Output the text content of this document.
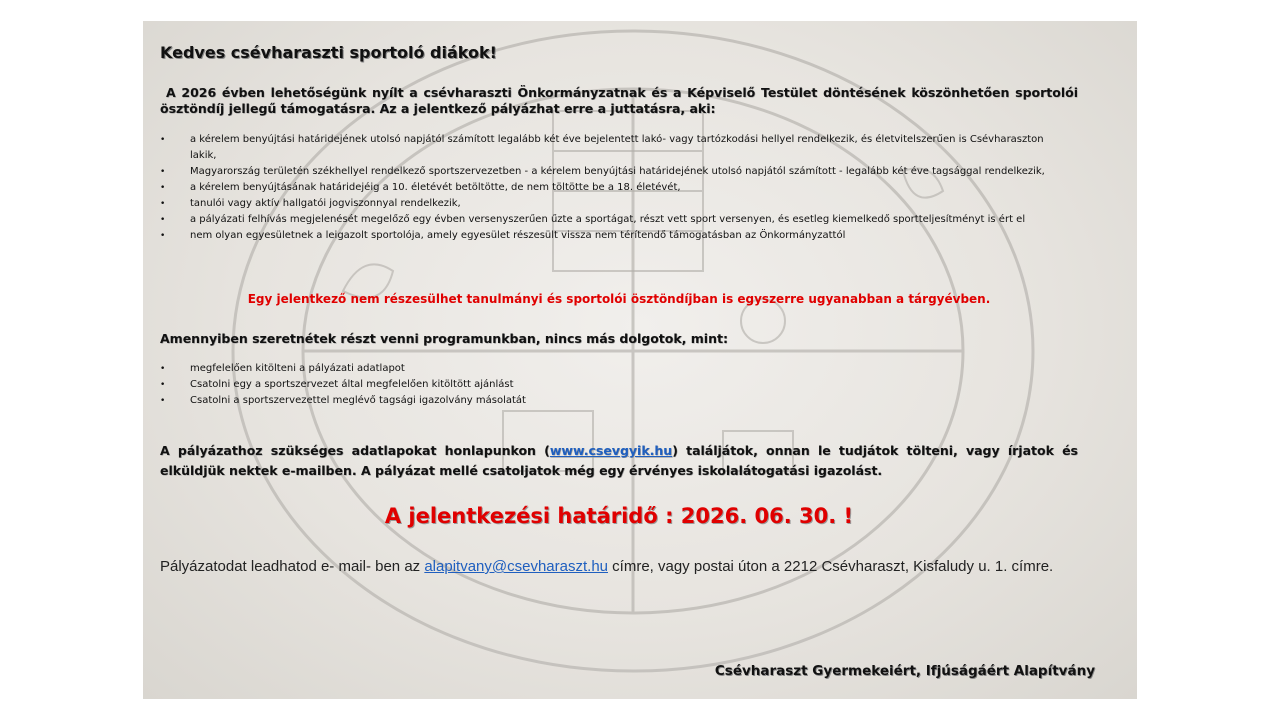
Kedves csévharaszti sportoló diákok!
A 2026 évben lehetőségünk nyílt a csévharaszti Önkormányzatnak és a Képviselő Testület döntésének köszönhetően sportolói ösztöndíj jellegű támogatásra. Az a jelentkező pályázhat erre a juttatásra, aki:
• a kérelem benyújtási határidejének utolsó napjától számított legalább két éve bejelentett lakó- vagy tartózkodási hellyel rendelkezik, és életvitelszerűen is Csévharaszton lakik,
• Magyarország területén székhellyel rendelkező sportszervezetben - a kérelem benyújtási határidejének utolsó napjától számított - legalább két éve tagsággal rendelkezik,
• a kérelem benyújtásának határidejéig a 10. életévét betöltötte, de nem töltötte be a 18. életévét,
• tanulói vagy aktív hallgatói jogviszonnyal rendelkezik,
• a pályázati felhívás megjelenését megelőző egy évben versenyszerűen űzte a sportágat, részt vett sport versenyen, és esetleg kiemelkedő sportteljesítményt is ért el
• nem olyan egyesületnek a leigazolt sportolója, amely egyesület részesült vissza nem térítendő támogatásban az Önkormányzattól
Egy jelentkező nem részesülhet tanulmányi és sportolói ösztöndíjban is egyszerre ugyanabban a tárgyévben.
Amennyiben szeretnétek részt venni programunkban, nincs más dolgotok, mint:
• megfelelően kitölteni a pályázati adatlapot
• Csatolni egy a sportszervezet által megfelelően kitöltött ajánlást
• Csatolni a sportszervezettel meglévő tagsági igazolvány másolatát
A pályázathoz szükséges adatlapokat honlapunkon (www.csevgyik.hu) találjátok, onnan le tudjátok tölteni, vagy írjatok és elküldjük nektek e-mailben. A pályázat mellé csatoljatok még egy érvényes iskolalátogatási igazolást.
A jelentkezési határidő : 2026. 06. 30. !
Pályázatodat leadhatod e- mail- ben az alapitvany@csevharaszt.hu címre, vagy postai úton a 2212 Csévharaszt, Kisfaludy u. 1. címre.
Csévharaszt Gyermekeiért, Ifjúságáért Alapítvány
